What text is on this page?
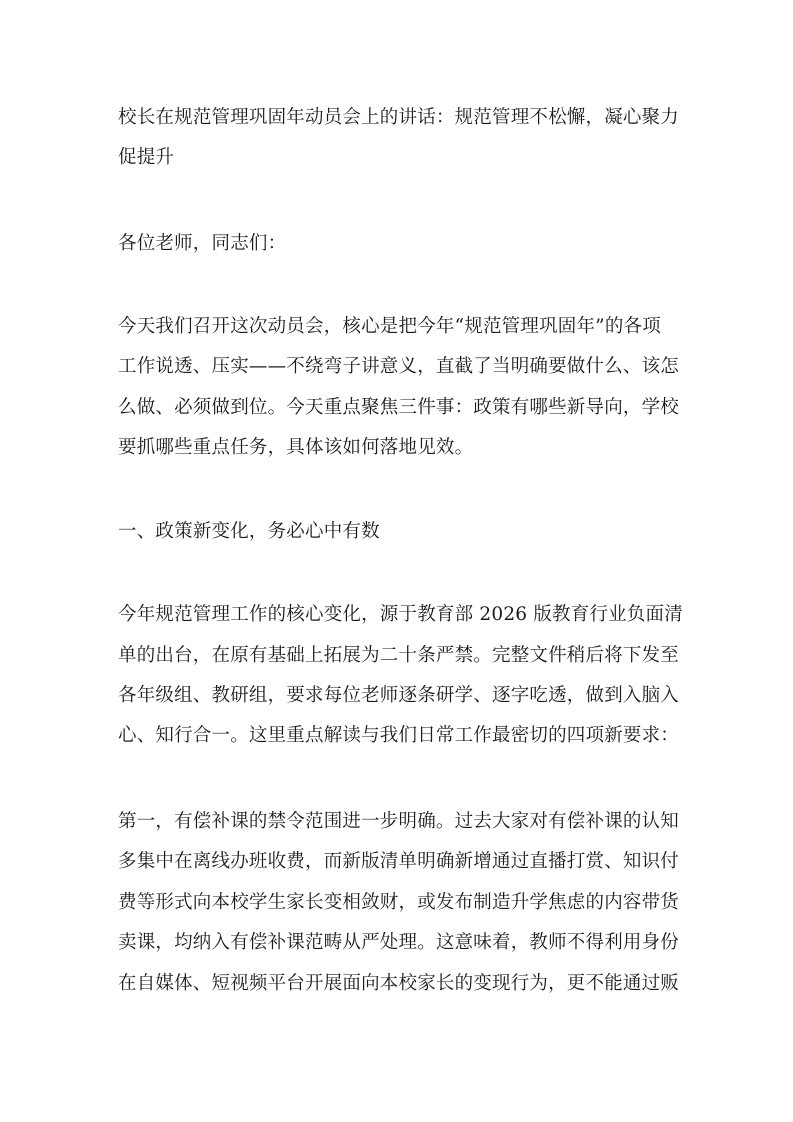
校长在规范管理巩固年动员会上的讲话：规范管理不松懈，凝心聚力
促提升
各位老师，同志们：
今天我们召开这次动员会，核心是把今年“规范管理巩固年”的各项
工作说透、压实——不绕弯子讲意义，直截了当明确要做什么、该怎
么做、必须做到位。今天重点聚焦三件事：政策有哪些新导向，学校
要抓哪些重点任务，具体该如何落地见效。
一、政策新变化，务必心中有数
今年规范管理工作的核心变化，源于教育部 2026 版教育行业负面清
单的出台，在原有基础上拓展为二十条严禁。完整文件稍后将下发至
各年级组、教研组，要求每位老师逐条研学、逐字吃透，做到入脑入
心、知行合一。这里重点解读与我们日常工作最密切的四项新要求：
第一，有偿补课的禁令范围进一步明确。过去大家对有偿补课的认知
多集中在离线办班收费，而新版清单明确新增通过直播打赏、知识付
费等形式向本校学生家长变相敛财，或发布制造升学焦虑的内容带货
卖课，均纳入有偿补课范畴从严处理。这意味着，教师不得利用身份
在自媒体、短视频平台开展面向本校家长的变现行为，更不能通过贩
